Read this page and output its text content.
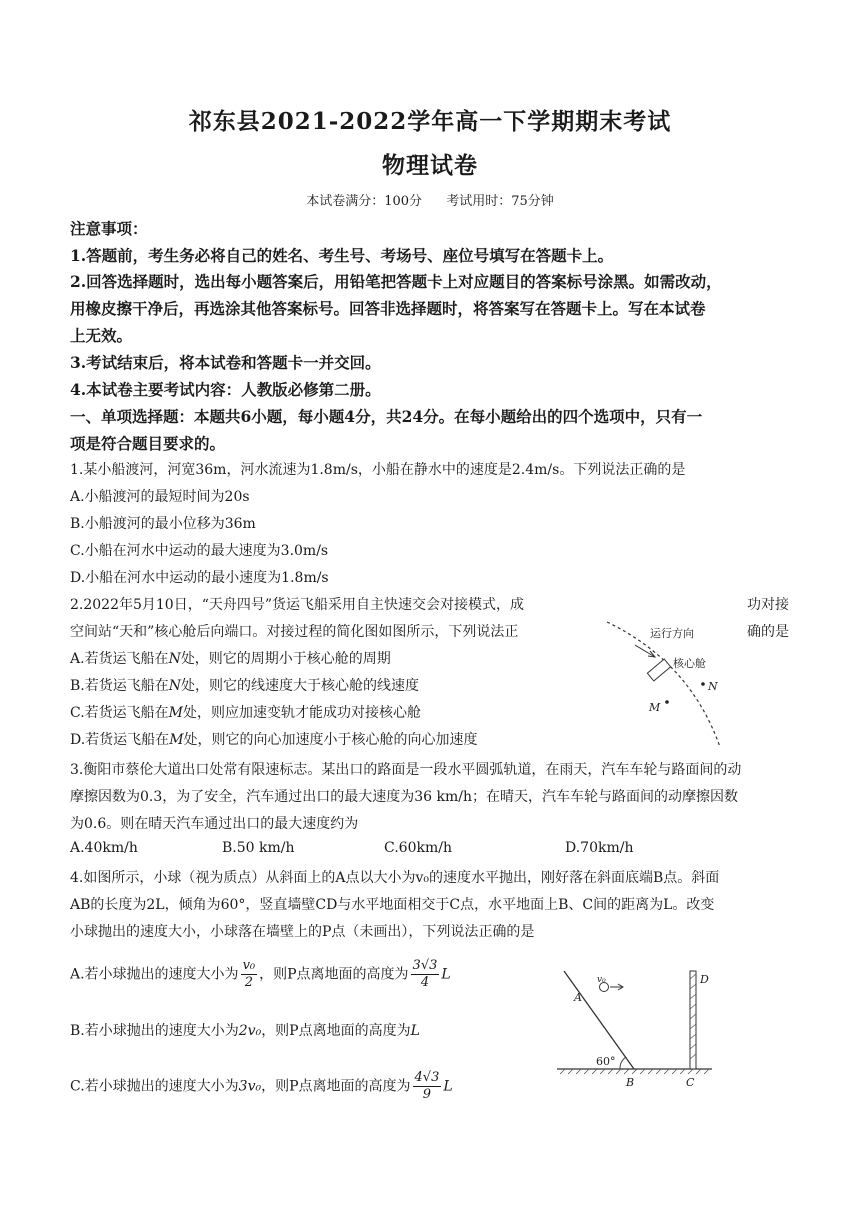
祁东县2021-2022学年高一下学期期末考试
物理试卷
本试卷满分：100分 考试用时：75分钟
注意事项：
1.答题前，考生务必将自己的姓名、考生号、考场号、座位号填写在答题卡上。
2.回答选择题时，选出每小题答案后，用铅笔把答题卡上对应题目的答案标号涂黑。如需改动，
用橡皮擦干净后，再选涂其他答案标号。回答非选择题时，将答案写在答题卡上。写在本试卷
上无效。
3.考试结束后，将本试卷和答题卡一并交回。
4.本试卷主要考试内容：人教版必修第二册。
一、单项选择题：本题共6小题，每小题4分，共24分。在每小题给出的四个选项中，只有一
项是符合题目要求的。
1.某小船渡河，河宽36m，河水流速为1.8m/s，小船在静水中的速度是2.4m/s。下列说法正确的是
A.小船渡河的最短时间为20s
B.小船渡河的最小位移为36m
C.小船在河水中运动的最大速度为3.0m/s
D.小船在河水中运动的最小速度为1.8m/s
2.2022年5月10日，“天舟四号”货运飞船采用自主快速交会对接模式，成	功对接
空间站“天和”核心舱后向端口。对接过程的简化图如图所示，下列说法正	确的是
A.若货运飞船在N处，则它的周期小于核心舱的周期
B.若货运飞船在N处，则它的线速度大于核心舱的线速度
C.若货运飞船在M处，则应加速变轨才能成功对接核心舱
D.若货运飞船在M处，则它的向心加速度小于核心舱的向心加速度
运行方向
核心舱
N
M
3.衡阳市蔡伦大道出口处常有限速标志。某出口的路面是一段水平圆弧轨道，在雨天，汽车车轮与路面间的动
摩擦因数为0.3，为了安全，汽车通过出口的最大速度为36 km/h；在晴天，汽车车轮与路面间的动摩擦因数
为0.6。则在晴天汽车通过出口的最大速度约为
A.40km/h	B.50 km/h	C.60km/h	D.70km/h
4.如图所示，小球（视为质点）从斜面上的A点以大小为v₀的速度水平抛出，刚好落在斜面底端B点。斜面
AB的长度为2L，倾角为60°，竖直墙壁CD与水平地面相交于C点，水平地面上B、C间的距离为L。改变
小球抛出的速度大小，小球落在墙壁上的P点（未画出），下列说法正确的是
A.若小球抛出的速度大小为 $\frac{\text{v₀}}{2}$ ，则P点离地面的高度为 $\frac{3√3}{4}$ L
B.若小球抛出的速度大小为2v₀，则P点离地面的高度为L
C.若小球抛出的速度大小为3v₀，则P点离地面的高度为 $\frac{4√3}{9}$ L
v₀
A
60°
B	C
D
